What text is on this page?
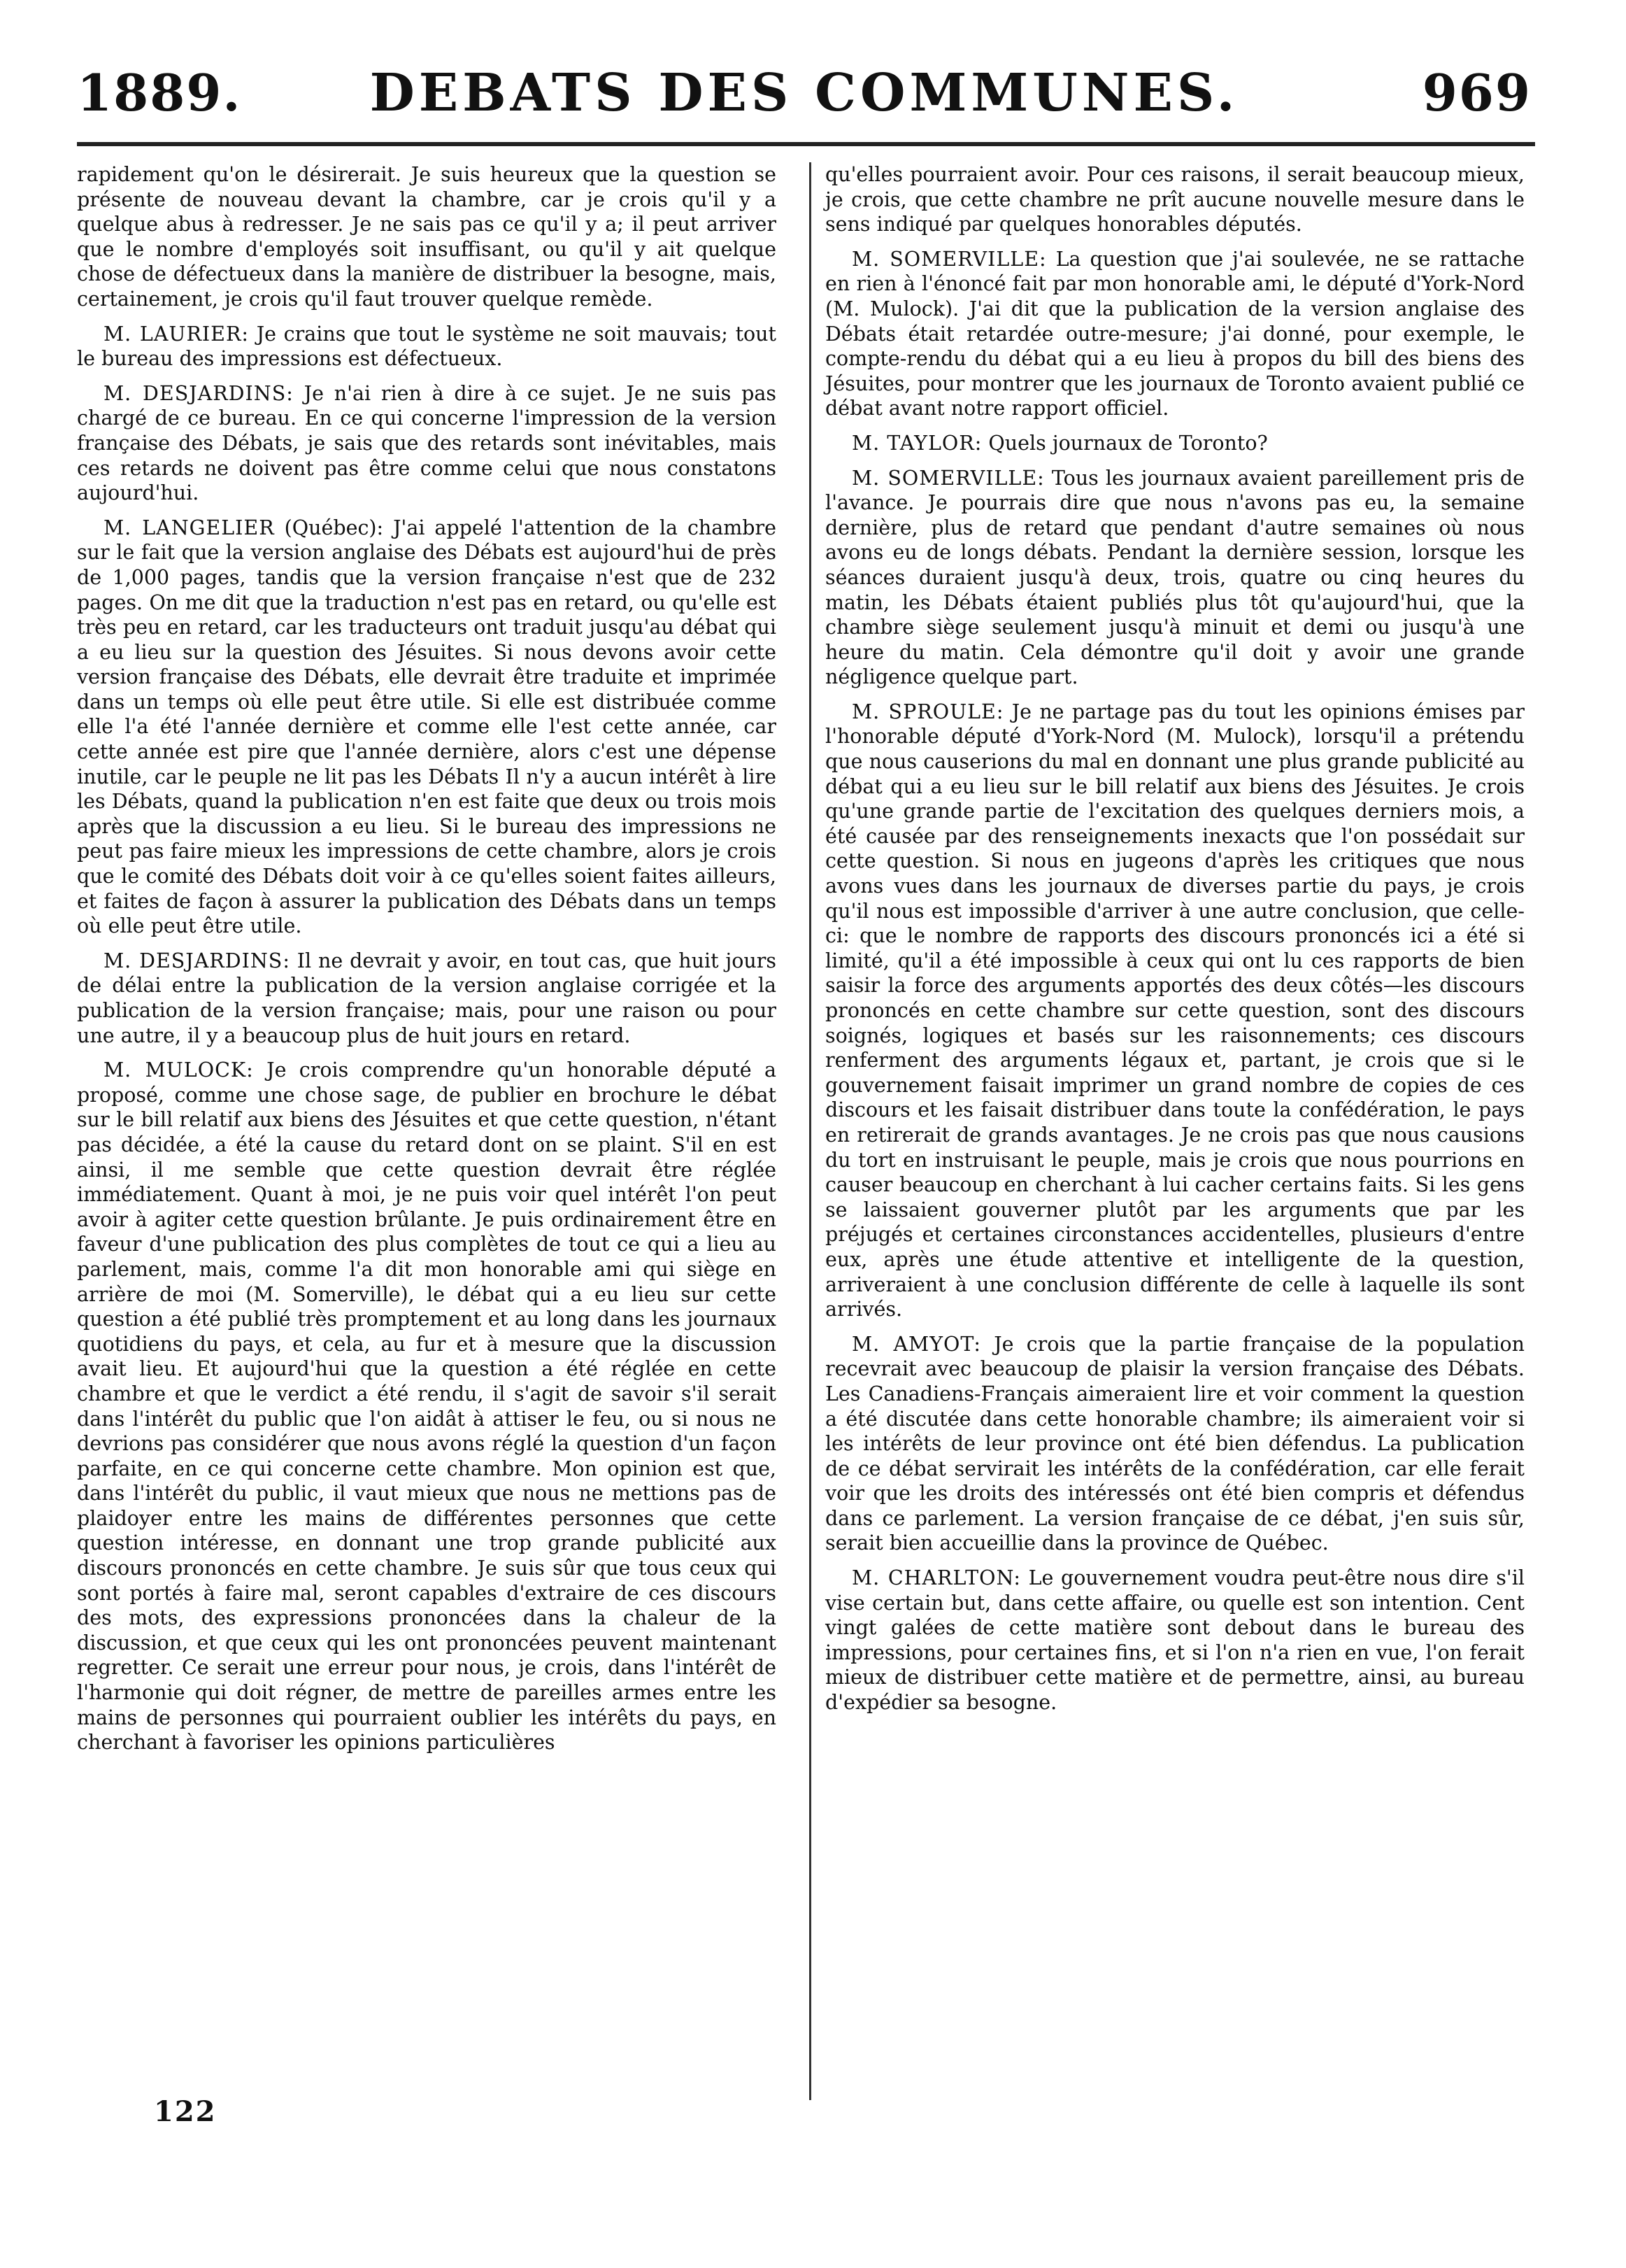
1889.	DEBATS DES COMMUNES.	969

rapidement qu'on le désirerait. Je suis heureux que la question se présente de nouveau devant la chambre, car je crois qu'il y a quelque abus à redresser. Je ne sais pas ce qu'il y a; il peut arriver que le nombre d'employés soit insuffisant, ou qu'il y ait quelque chose de défectueux dans la manière de distribuer la besogne, mais, certainement, je crois qu'il faut trouver quelque remède.

M. LAURIER: Je crains que tout le système ne soit mauvais; tout le bureau des impressions est défectueux.

M. DESJARDINS: Je n'ai rien à dire à ce sujet. Je ne suis pas chargé de ce bureau. En ce qui concerne l'impression de la version française des Débats, je sais que des retards sont inévitables, mais ces retards ne doivent pas être comme celui que nous constatons aujourd'hui.

M. LANGELIER (Québec): J'ai appelé l'attention de la chambre sur le fait que la version anglaise des Débats est aujourd'hui de près de 1,000 pages, tandis que la version française n'est que de 232 pages. On me dit que la traduction n'est pas en retard, ou qu'elle est très peu en retard, car les traducteurs ont traduit jusqu'au débat qui a eu lieu sur la question des Jésuites. Si nous devons avoir cette version française des Débats, elle devrait être traduite et imprimée dans un temps où elle peut être utile. Si elle est distribuée comme elle l'a été l'année dernière et comme elle l'est cette année, car cette année est pire que l'année dernière, alors c'est une dépense inutile, car le peuple ne lit pas les Débats Il n'y a aucun intérêt à lire les Débats, quand la publication n'en est faite que deux ou trois mois après que la discussion a eu lieu. Si le bureau des impressions ne peut pas faire mieux les impressions de cette chambre, alors je crois que le comité des Débats doit voir à ce qu'elles soient faites ailleurs, et faites de façon à assurer la publication des Débats dans un temps où elle peut être utile.

M. DESJARDINS: Il ne devrait y avoir, en tout cas, que huit jours de délai entre la publication de la version anglaise corrigée et la publication de la version française; mais, pour une raison ou pour une autre, il y a beaucoup plus de huit jours en retard.

M. MULOCK: Je crois comprendre qu'un honorable député a proposé, comme une chose sage, de publier en brochure le débat sur le bill relatif aux biens des Jésuites et que cette question, n'étant pas décidée, a été la cause du retard dont on se plaint. S'il en est ainsi, il me semble que cette question devrait être réglée immédiatement. Quant à moi, je ne puis voir quel intérêt l'on peut avoir à agiter cette question brûlante. Je puis ordinairement être en faveur d'une publication des plus complètes de tout ce qui a lieu au parlement, mais, comme l'a dit mon honorable ami qui siège en arrière de moi (M. Somerville), le débat qui a eu lieu sur cette question a été publié très promptement et au long dans les journaux quotidiens du pays, et cela, au fur et à mesure que la discussion avait lieu. Et aujourd'hui que la question a été réglée en cette chambre et que le verdict a été rendu, il s'agit de savoir s'il serait dans l'intérêt du public que l'on aidât à attiser le feu, ou si nous ne devrions pas considérer que nous avons réglé la question d'un façon parfaite, en ce qui concerne cette chambre. Mon opinion est que, dans l'intérêt du public, il vaut mieux que nous ne mettions pas de plaidoyer entre les mains de différentes personnes que cette question intéresse, en donnant une trop grande publicité aux discours prononcés en cette chambre. Je suis sûr que tous ceux qui sont portés à faire mal, seront capables d'extraire de ces discours des mots, des expressions prononcées dans la chaleur de la discussion, et que ceux qui les ont prononcées peuvent maintenant regretter. Ce serait une erreur pour nous, je crois, dans l'intérêt de l'harmonie qui doit régner, de mettre de pareilles armes entre les mains de personnes qui pourraient oublier les intérêts du pays, en cherchant à favoriser les opinions particulières

qu'elles pourraient avoir. Pour ces raisons, il serait beaucoup mieux, je crois, que cette chambre ne prît aucune nouvelle mesure dans le sens indiqué par quelques honorables députés.

M. SOMERVILLE: La question que j'ai soulevée, ne se rattache en rien à l'énoncé fait par mon honorable ami, le député d'York-Nord (M. Mulock). J'ai dit que la publication de la version anglaise des Débats était retardée outre-mesure; j'ai donné, pour exemple, le compte-rendu du débat qui a eu lieu à propos du bill des biens des Jésuites, pour montrer que les journaux de Toronto avaient publié ce débat avant notre rapport officiel.

M. TAYLOR: Quels journaux de Toronto?

M. SOMERVILLE: Tous les journaux avaient pareillement pris de l'avance. Je pourrais dire que nous n'avons pas eu, la semaine dernière, plus de retard que pendant d'autre semaines où nous avons eu de longs débats. Pendant la dernière session, lorsque les séances duraient jusqu'à deux, trois, quatre ou cinq heures du matin, les Débats étaient publiés plus tôt qu'aujourd'hui, que la chambre siège seulement jusqu'à minuit et demi ou jusqu'à une heure du matin. Cela démontre qu'il doit y avoir une grande négligence quelque part.

M. SPROULE: Je ne partage pas du tout les opinions émises par l'honorable député d'York-Nord (M. Mulock), lorsqu'il a prétendu que nous causerions du mal en donnant une plus grande publicité au débat qui a eu lieu sur le bill relatif aux biens des Jésuites. Je crois qu'une grande partie de l'excitation des quelques derniers mois, a été causée par des renseignements inexacts que l'on possédait sur cette question. Si nous en jugeons d'après les critiques que nous avons vues dans les journaux de diverses partie du pays, je crois qu'il nous est impossible d'arriver à une autre conclusion, que celle-ci: que le nombre de rapports des discours prononcés ici a été si limité, qu'il a été impossible à ceux qui ont lu ces rapports de bien saisir la force des arguments apportés des deux côtés—les discours prononcés en cette chambre sur cette question, sont des discours soignés, logiques et basés sur les raisonnements; ces discours renferment des arguments légaux et, partant, je crois que si le gouvernement faisait imprimer un grand nombre de copies de ces discours et les faisait distribuer dans toute la confédération, le pays en retirerait de grands avantages. Je ne crois pas que nous causions du tort en instruisant le peuple, mais je crois que nous pourrions en causer beaucoup en cherchant à lui cacher certains faits. Si les gens se laissaient gouverner plutôt par les arguments que par les préjugés et certaines circonstances accidentelles, plusieurs d'entre eux, après une étude attentive et intelligente de la question, arriveraient à une conclusion différente de celle à laquelle ils sont arrivés.

M. AMYOT: Je crois que la partie française de la population recevrait avec beaucoup de plaisir la version française des Débats. Les Canadiens-Français aimeraient lire et voir comment la question a été discutée dans cette honorable chambre; ils aimeraient voir si les intérêts de leur province ont été bien défendus. La publication de ce débat servirait les intérêts de la confédération, car elle ferait voir que les droits des intéressés ont été bien compris et défendus dans ce parlement. La version française de ce débat, j'en suis sûr, serait bien accueillie dans la province de Québec.

M. CHARLTON: Le gouvernement voudra peut-être nous dire s'il vise certain but, dans cette affaire, ou quelle est son intention. Cent vingt galées de cette matière sont debout dans le bureau des impressions, pour certaines fins, et si l'on n'a rien en vue, l'on ferait mieux de distribuer cette matière et de permettre, ainsi, au bureau d'expédier sa besogne.

122
